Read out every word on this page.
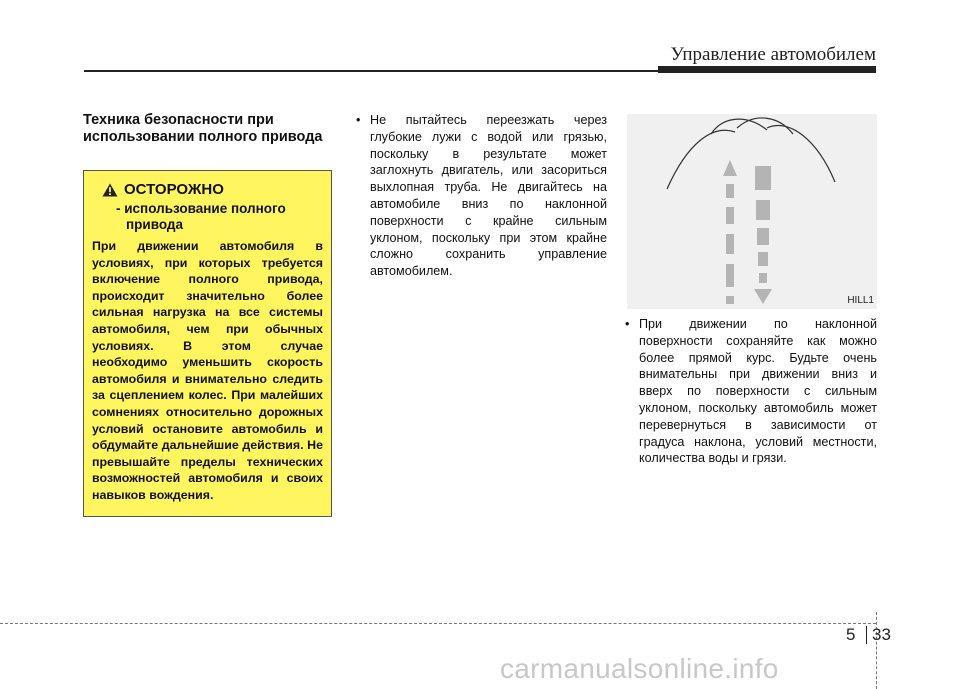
Управление автомобилем
Техника безопасности при использовании полного привода
ОСТОРОЖНО
- использование полного привода

При движении автомобиля в условиях, при которых требуется включение полного привода, происходит значительно более сильная нагрузка на все системы автомобиля, чем при обычных условиях. В этом случае необходимо уменьшить скорость автомобиля и внимательно следить за сцеплением колес. При малейших сомнениях относительно дорожных условий остановите автомобиль и обдумайте дальнейшие действия. Не превышайте пределы технических возможностей автомобиля и своих навыков вождения.

• Не пытайтесь переезжать через глубокие лужи с водой или грязью, поскольку в результате может заглохнуть двигатель, или засориться выхлопная труба. Не двигайтесь на автомобиле вниз по наклонной поверхности с крайне сильным уклоном, поскольку при этом крайне сложно сохранить управление автомобилем.

HILL1
• При движении по наклонной поверхности сохраняйте как можно более прямой курс. Будьте очень внимательны при движении вниз и вверх по поверхности с сильным уклоном, поскольку автомобиль может перевернуться в зависимости от градуса наклона, условий местности, количества воды и грязи.

5 33
carmanualsonline.info
